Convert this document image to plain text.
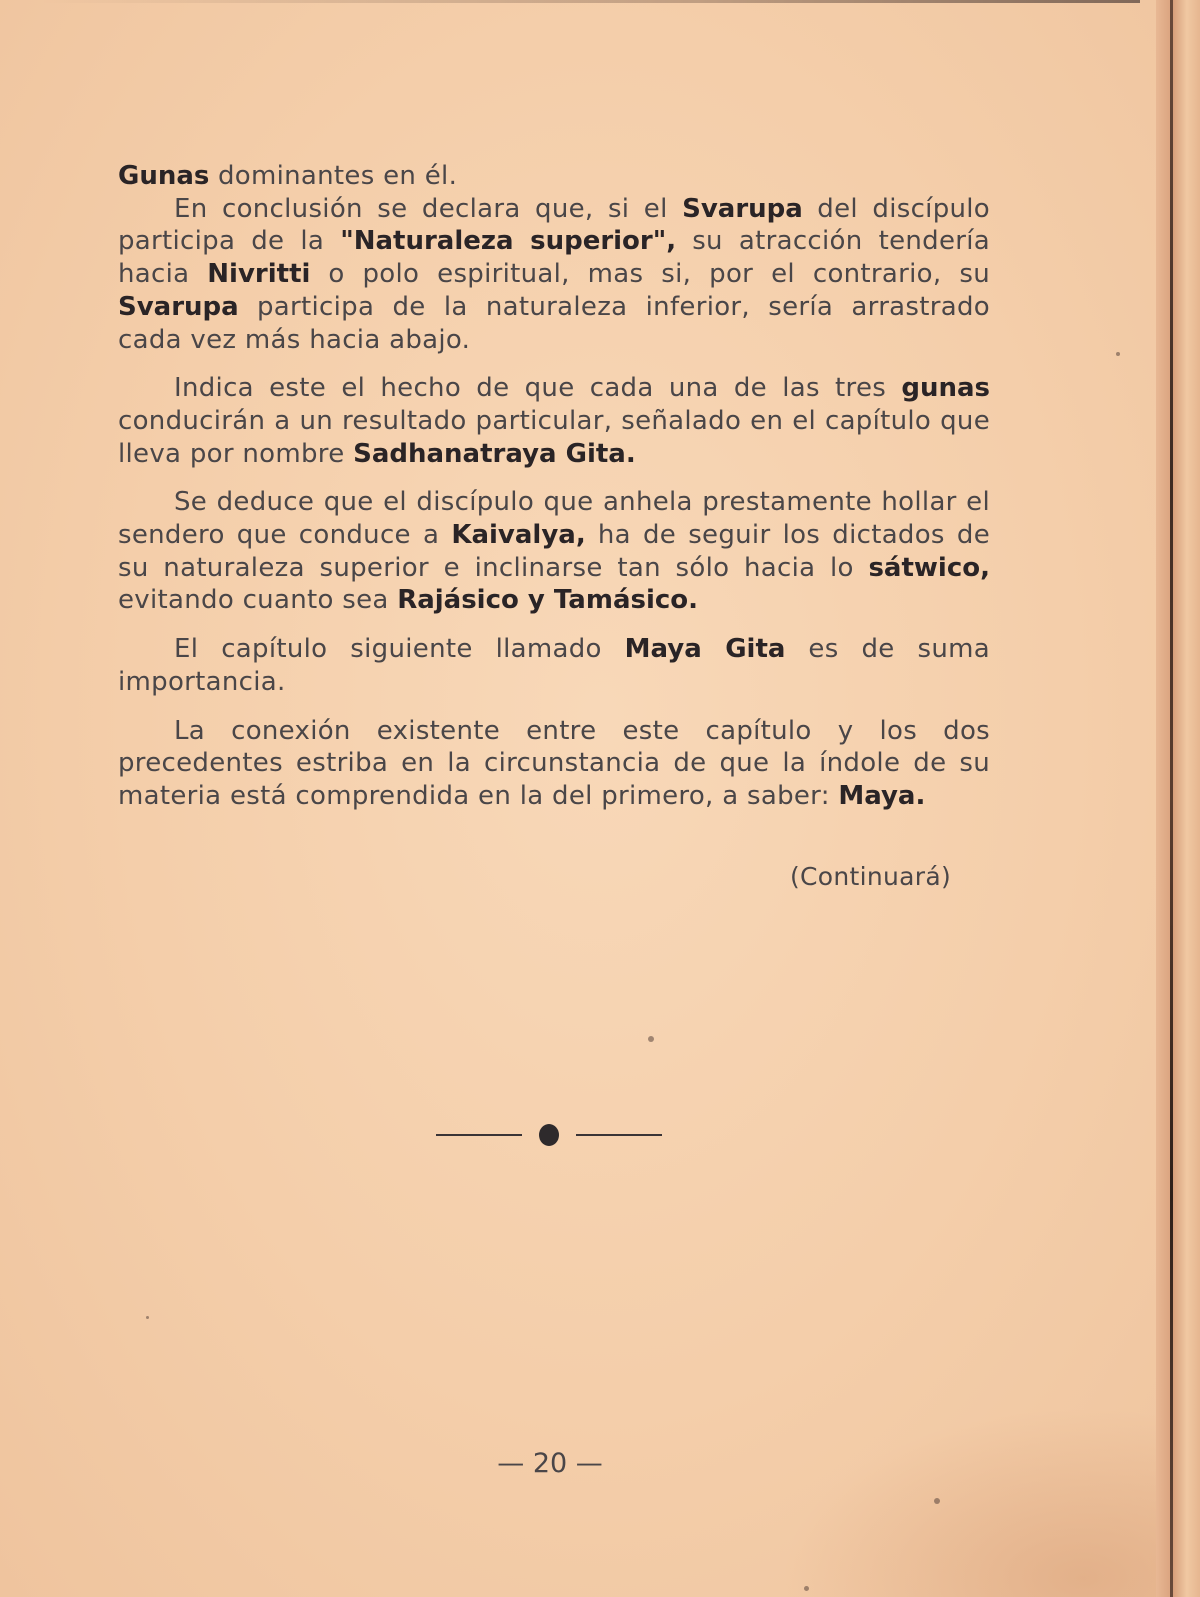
Gunas dominantes en él.

En conclusión se declara que, si el Svarupa del discípulo participa de la "Naturaleza superior", su atracción tendería hacia Nivritti o polo espiritual, mas si, por el contrario, su Svarupa participa de la naturaleza inferior, sería arrastrado cada vez más hacia abajo.

Indica este el hecho de que cada una de las tres gunas conducirán a un resultado particular, señalado en el capítulo que lleva por nombre Sadhanatraya Gita.

Se deduce que el discípulo que anhela prestamente hollar el sendero que conduce a Kaivalya, ha de seguir los dictados de su naturaleza superior e inclinarse tan sólo hacia lo sátwico, evitando cuanto sea Rajásico y Tamásico.

El capítulo siguiente llamado Maya Gita es de suma importancia.

La conexión existente entre este capítulo y los dos precedentes estriba en la circunstancia de que la índole de su materia está comprendida en la del primero, a saber: Maya.

(Continuará)
— 20 —
